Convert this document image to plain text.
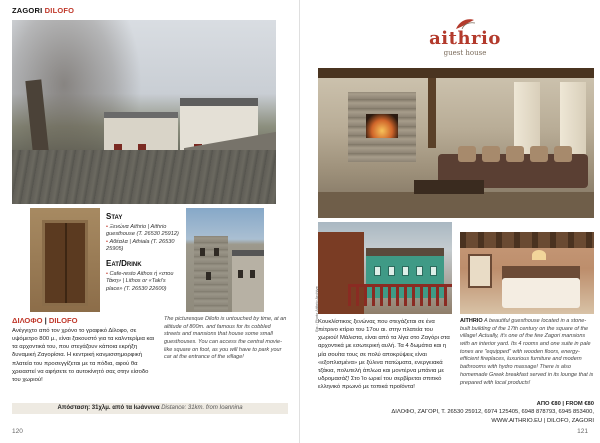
ZAGORI DILOFO
Stay
• Ξενώνα Aithrio | Aithrio guesthouse (T. 26530 25912)
• Αθέαλα | Athiala (T. 26530 25905)
Eat/Drink
• Cafe-resto Aithos ή «στου Τάκη» | Lithos or «Taki's place» (T. 26530 22600)
ΔΙΛΟΦΟ | DILOFO
Ανέγγιχτο από τον χρόνο το γραφικό Δίλοφο, σε υψόμετρο 800 μ., είναι ξακουστό για τα καλντερίμια και τα αρχοντικά του, που στεγάζουν κάποια εκρήξη δυναμική Ζαγορίσια. Η κεντρική κανμισσημορφική πλατεία του προσεγγίζεται με τα πόδια, αφού θα χρειαστεί να αφήσετε το αυτοκίνητό σας στην είσοδο του χωριού!
The picturesque Dilofo is untouched by time, at an altitude of 800m. and famous for its cobbled streets and mansions that house some small guesthouses. You can access the central movie-like square on foot, as you will have to park your car at the entrance of the village!
Απόσταση: 31χλμ. από τα Ιωάννινα Distance: 31km. from Ioannina
120
aithrio
guest house
Εικ.: Photo Aithrio Archive Κουκλίστικος ξενώνας που στεγάζεται σε ένα πέτρινο κτίριο του 17ου αι. στην πλατεία του χωριού! Μάλιστα, είναι από τα λίγα στο Ζαγόρι στα αρχοντικά με εσωτερική αυλή. Τα 4 δωμάτια και η μία σουίτα τους σε πολύ αποκρύψεις είναι «εξοπλισμένα» με ξύλινα πατώματα, ενεργειακά τζάκια, πολυτελή άπλωα και μοντέρνα μπάνια με υδρομασάζ! Στο Ίο ωριεί του σερβίρεται σπιτικό ελληνικό πρωινό με τοπικά προϊόντα!
AITHRIO A beautiful guesthouse located in a stone-built building of the 17th century on the square of the village! Actually, it's one of the few Zagori mansions with an interior yard. Its 4 rooms and one suite in pale tones are "equipped" with wooden floors, energy-efficient fireplaces, luxurious furniture and modern bathrooms with hydro massage! There is also homemade Greek breakfast served in its lounge that is prepared with local products!
ΑΠΟ €80 | FROM €80
ΔΙΛΟΦΟ, ΖΑΓΟΡΙ, Τ. 26530 25912, 6974 125405, 6948 878793, 6945 853400,
WWW.AITHRIO.EU | DILOFO, ZAGORI
121
